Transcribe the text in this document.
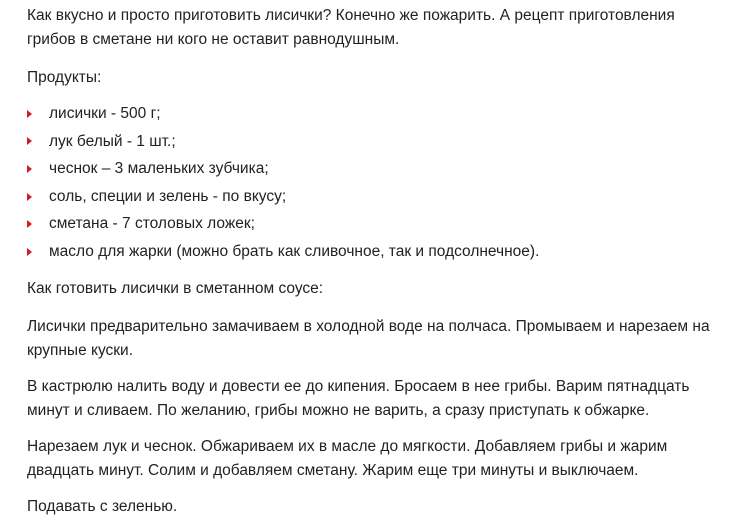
Как вкусно и просто приготовить лисички? Конечно же пожарить. А рецепт приготовления грибов в сметане ни кого не оставит равнодушным.

Продукты:

лисички - 500 г;
лук белый - 1 шт.;
чеснок – 3 маленьких зубчика;
соль, специи и зелень - по вкусу;
сметана - 7 столовых ложек;
масло для жарки (можно брать как сливочное, так и подсолнечное).

Как готовить лисички в сметанном соусе:

Лисички предварительно замачиваем в холодной воде на полчаса. Промываем и нарезаем на крупные куски.

В кастрюлю налить воду и довести ее до кипения. Бросаем в нее грибы. Варим пятнадцать минут и сливаем. По желанию, грибы можно не варить, а сразу приступать к обжарке.

Нарезаем лук и чеснок. Обжариваем их в масле до мягкости. Добавляем грибы и жарим двадцать минут. Солим и добавляем сметану. Жарим еще три минуты и выключаем.

Подавать с зеленью.
